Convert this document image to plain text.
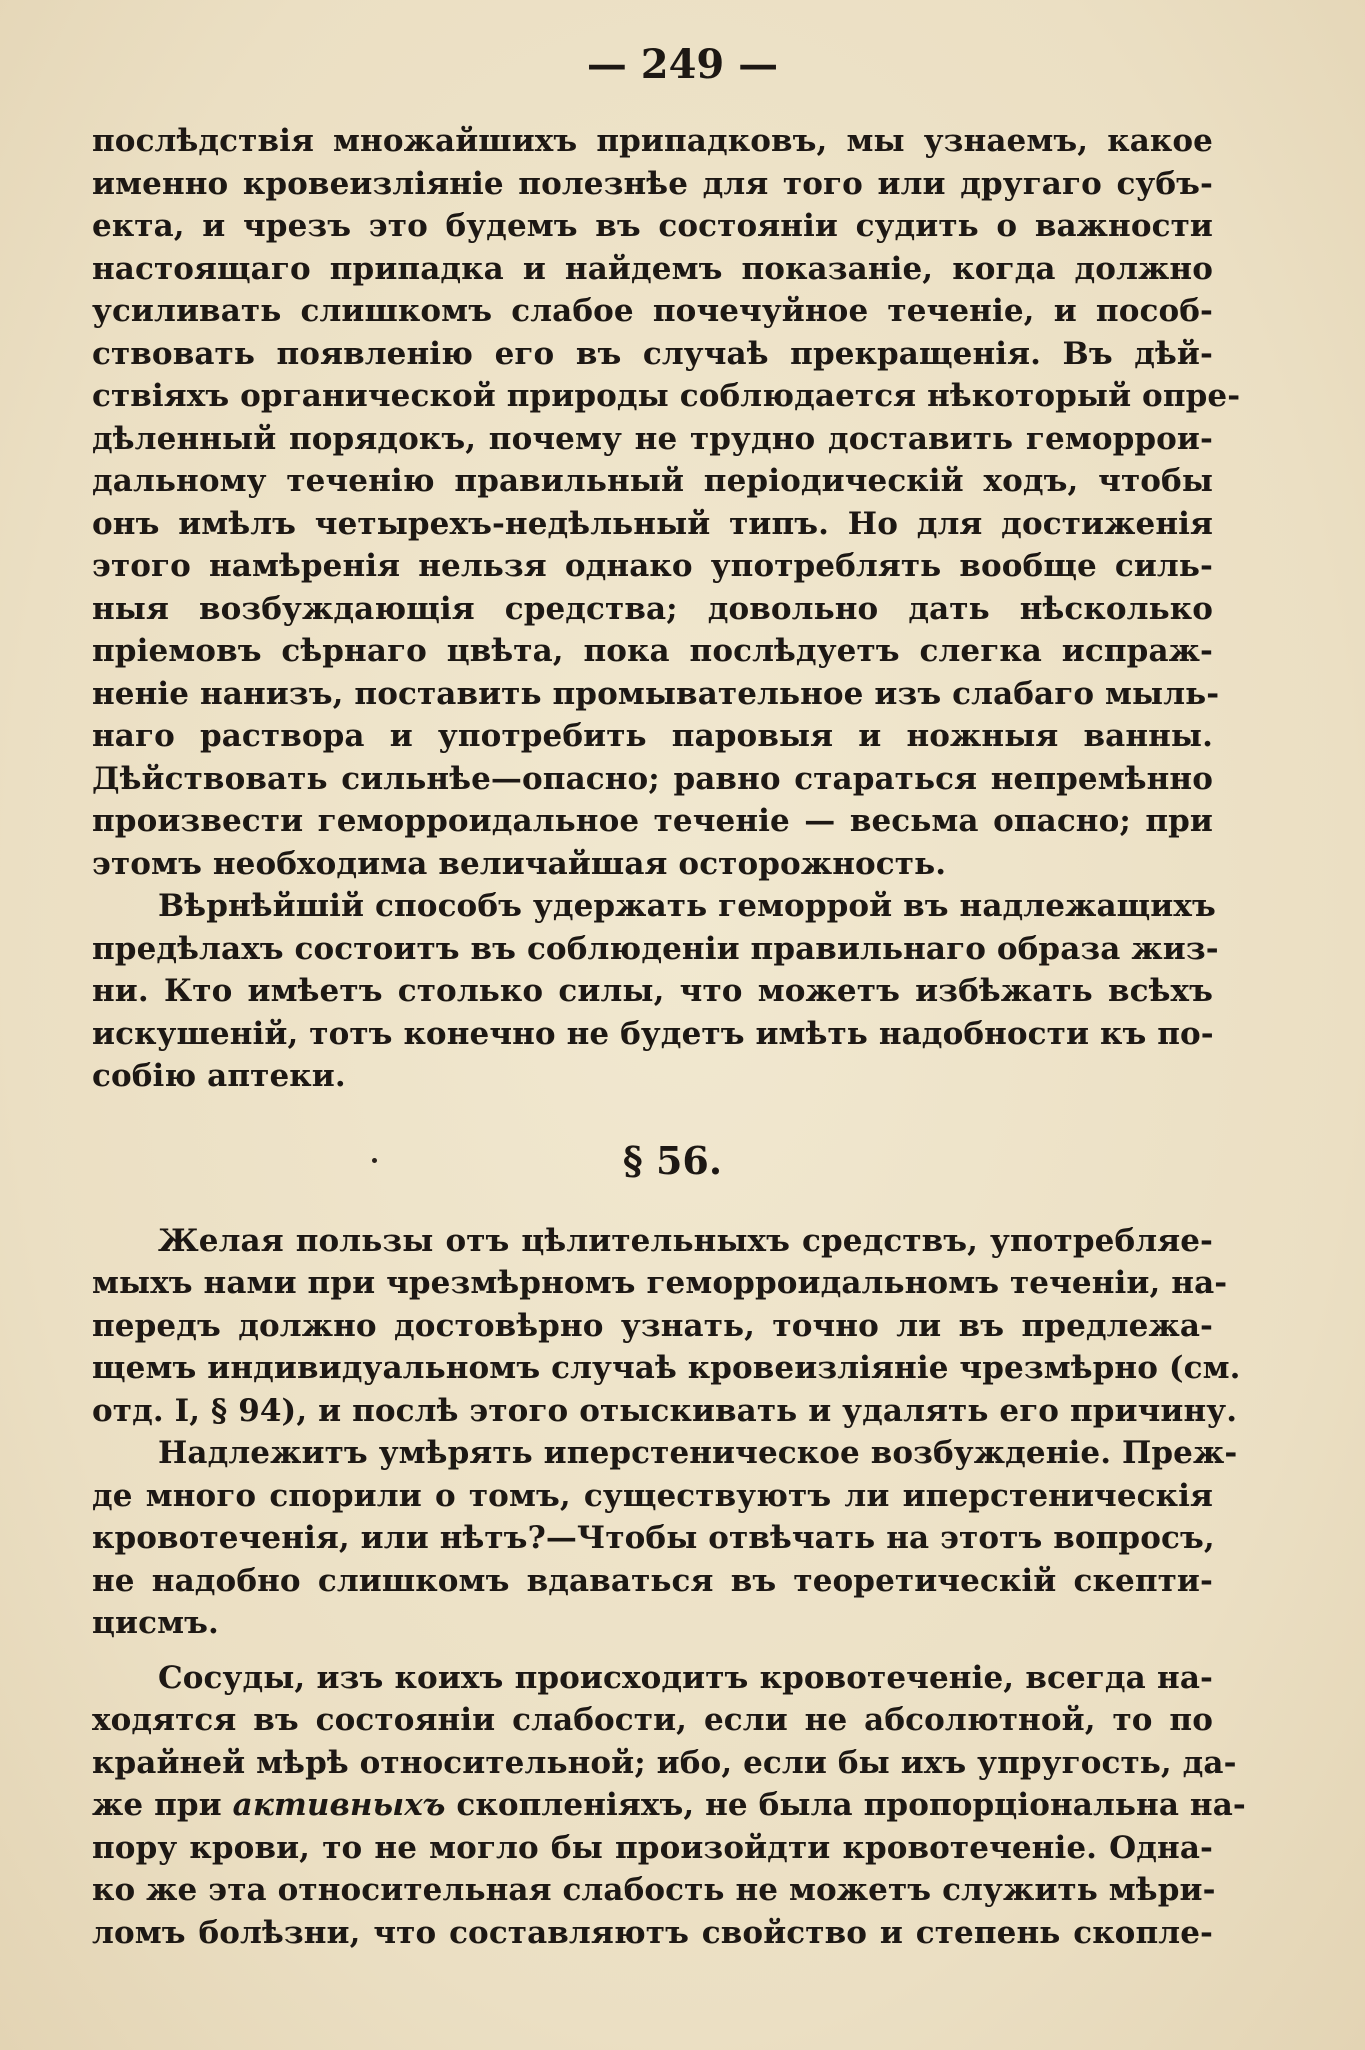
— 249 —

послѣдствія множайшихъ припадковъ, мы узнаемъ, какое
именно кровеизліяніе полезнѣе для того или другаго субъ-
екта, и чрезъ это будемъ въ состояніи судить о важности
настоящаго припадка и найдемъ показаніе, когда должно
усиливать слишкомъ слабое почечуйное теченіе, и пособ-
ствовать появленію его въ случаѣ прекращенія. Въ дѣй-
ствіяхъ органической природы соблюдается нѣкоторый опре-
дѣленный порядокъ, почему не трудно доставить геморрои-
дальному теченію правильный періодическій ходъ, чтобы
онъ имѣлъ четырехъ-недѣльный типъ. Но для достиженія
этого намѣренія нельзя однако употреблять вообще силь-
ныя возбуждающія средства; довольно дать нѣсколько
пріемовъ сѣрнаго цвѣта, пока послѣдуетъ слегка испраж-
неніе нанизъ, поставить промывательное изъ слабаго мыль-
наго раствора и употребить паровыя и ножныя ванны.
Дѣйствовать сильнѣе—опасно; равно стараться непремѣнно
произвести геморроидальное теченіе — весьма опасно; при
этомъ необходима величайшая осторожность.

Вѣрнѣйшій способъ удержать геморрой въ надлежащихъ
предѣлахъ состоитъ въ соблюденіи правильнаго образа жиз-
ни. Кто имѣетъ столько силы, что можетъ избѣжать всѣхъ
искушеній, тотъ конечно не будетъ имѣть надобности къ по-
собію аптеки.

§ 56.

Желая пользы отъ цѣлительныхъ средствъ, употребляе-
мыхъ нами при чрезмѣрномъ геморроидальномъ теченіи, на-
передъ должно достовѣрно узнать, точно ли въ предлежа-
щемъ индивидуальномъ случаѣ кровеизліяніе чрезмѣрно (см.
отд. I, § 94), и послѣ этого отыскивать и удалять его причину.

Надлежитъ умѣрять иперстеническое возбужденіе. Преж-
де много спорили о томъ, существуютъ ли иперстеническія
кровотеченія, или нѣтъ?—Чтобы отвѣчать на этотъ вопросъ,
не надобно слишкомъ вдаваться въ теоретическій скепти-
цисмъ.

Сосуды, изъ коихъ происходитъ кровотеченіе, всегда на-
ходятся въ состояніи слабости, если не абсолютной, то по
крайней мѣрѣ относительной; ибо, если бы ихъ упругость, да-
же при активныхъ скопленіяхъ, не была пропорціональна на-
пору крови, то не могло бы произойдти кровотеченіе. Одна-
ко же эта относительная слабость не можетъ служить мѣри-
ломъ болѣзни, что составляютъ свойство и степень скопле-
